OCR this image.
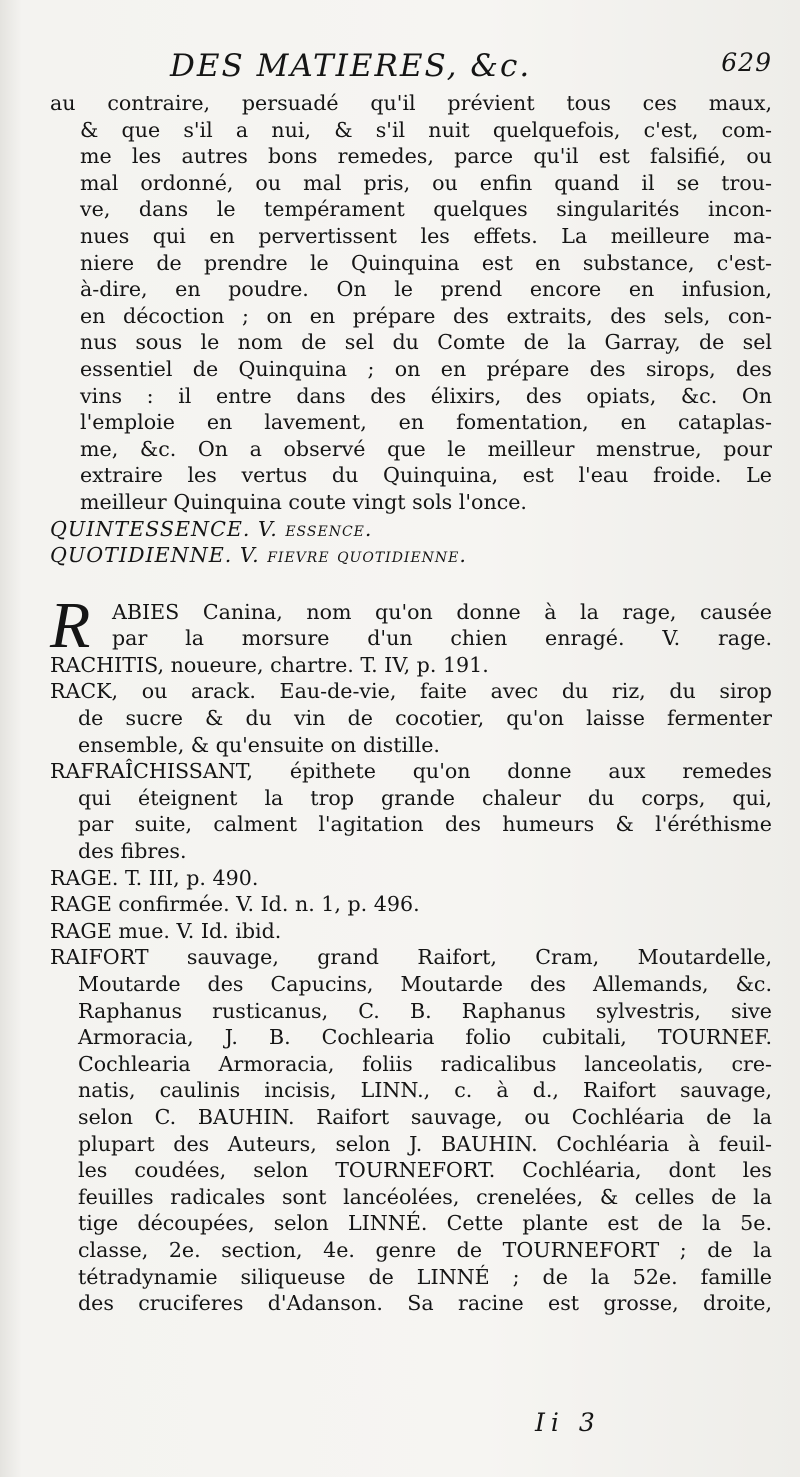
DES MATIERES, &c.	629
au contraire, persuadé qu'il prévient tous ces maux,
& que s'il a nui, & s'il nuit quelquefois, c'est, com-
me les autres bons remedes, parce qu'il est falsifié, ou
mal ordonné, ou mal pris, ou enfin quand il se trou-
ve, dans le tempérament quelques singularités incon-
nues qui en pervertissent les effets. La meilleure ma-
niere de prendre le Quinquina est en substance, c'est-
à-dire, en poudre. On le prend encore en infusion,
en décoction ; on en prépare des extraits, des sels, con-
nus sous le nom de sel du Comte de la Garray, de sel
essentiel de Quinquina ; on en prépare des sirops, des
vins : il entre dans des élixirs, des opiats, &c. On
l'emploie en lavement, en fomentation, en cataplas-
me, &c. On a observé que le meilleur menstrue, pour
extraire les vertus du Quinquina, est l'eau froide. Le
meilleur Quinquina coute vingt sols l'once.
QUINTESSENCE. V. essence.
QUOTIDIENNE. V. fievre quotidienne.
R ABIES Canina, nom qu'on donne à la rage, causée
par la morsure d'un chien enragé. V. rage.
RACHITIS, noueure, chartre. T. IV, p. 191.
RACK, ou arack. Eau-de-vie, faite avec du riz, du sirop
de sucre & du vin de cocotier, qu'on laisse fermenter
ensemble, & qu'ensuite on distille.
RAFRAÎCHISSANT, épithete qu'on donne aux remedes
qui éteignent la trop grande chaleur du corps, qui,
par suite, calment l'agitation des humeurs & l'éréthisme
des fibres.
RAGE. T. III, p. 490.
RAGE confirmée. V. Id. n. 1, p. 496.
RAGE mue. V. Id. ibid.
RAIFORT sauvage, grand Raifort, Cram, Moutardelle,
Moutarde des Capucins, Moutarde des Allemands, &c.
Raphanus rusticanus, C. B. Raphanus sylvestris, sive
Armoracia, J. B. Cochlearia folio cubitali, TOURNEF.
Cochlearia Armoracia, foliis radicalibus lanceolatis, cre-
natis, caulinis incisis, LINN., c. à d., Raifort sauvage,
selon C. BAUHIN. Raifort sauvage, ou Cochléaria de la
plupart des Auteurs, selon J. BAUHIN. Cochléaria à feuil-
les coudées, selon TOURNEFORT. Cochléaria, dont les
feuilles radicales sont lancéolées, crenelées, & celles de la
tige découpées, selon LINNÉ. Cette plante est de la 5e.
classe, 2e. section, 4e. genre de TOURNEFORT ; de la
tétradynamie siliqueuse de LINNÉ ; de la 52e. famille
des cruciferes d'Adanson. Sa racine est grosse, droite,
Ii 3
